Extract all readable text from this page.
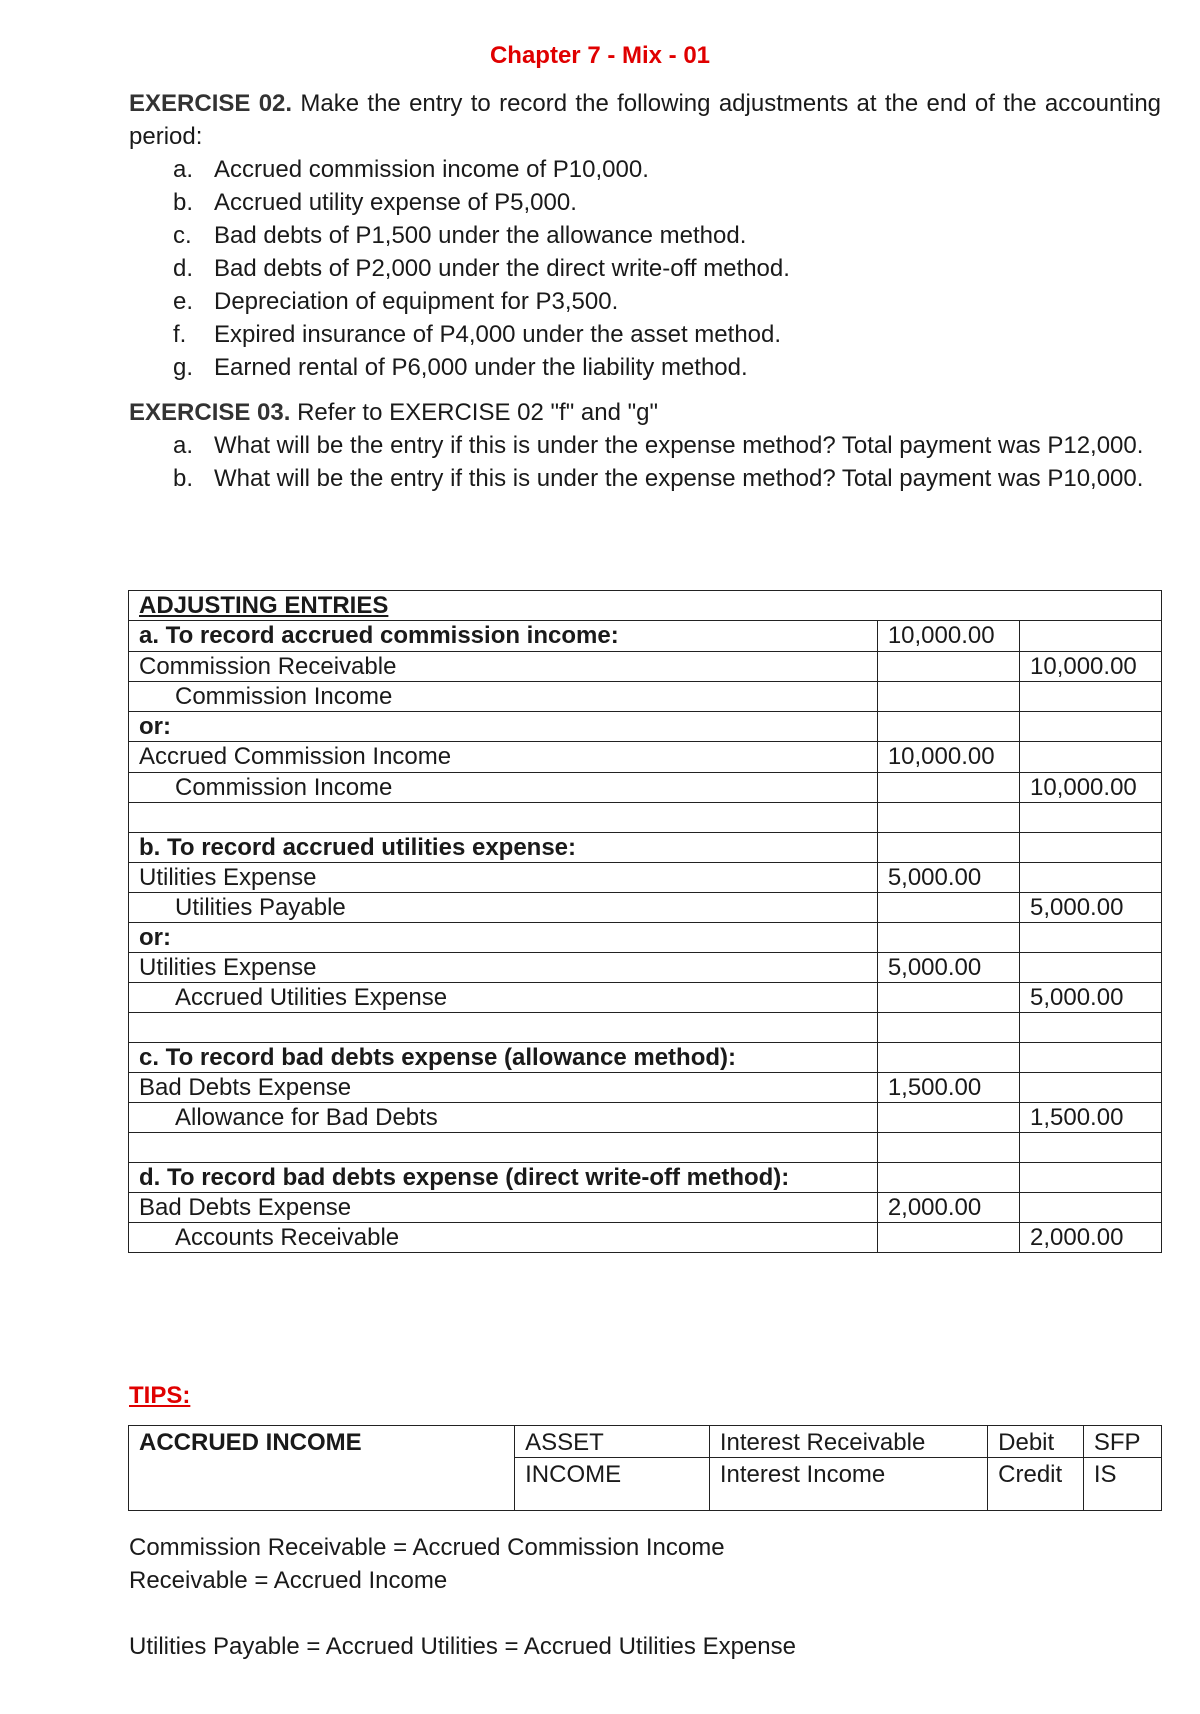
Chapter 7 - Mix - 01
EXERCISE 02. Make the entry to record the following adjustments at the end of the accounting period:
a. Accrued commission income of P10,000.
b. Accrued utility expense of P5,000.
c. Bad debts of P1,500 under the allowance method.
d. Bad debts of P2,000 under the direct write-off method.
e. Depreciation of equipment for P3,500.
f. Expired insurance of P4,000 under the asset method.
g. Earned rental of P6,000 under the liability method.
EXERCISE 03. Refer to EXERCISE 02 "f" and "g"
a. What will be the entry if this is under the expense method? Total payment was P12,000.
b. What will be the entry if this is under the expense method? Total payment was P10,000.
ADJUSTING ENTRIES		
a. To record accrued commission income:	10,000.00	

Commission Receivable		10,000.00
Commission Income		
or:		
Accrued Commission Income	10,000.00	

Commission Income		10,000.00

b. To record accrued utilities expense:		
Utilities Expense	5,000.00	
Utilities Payable		5,000.00
or:		
Utilities Expense	5,000.00	
Accrued Utilities Expense		5,000.00

c. To record bad debts expense (allowance method):		
Bad Debts Expense	1,500.00	
Allowance for Bad Debts		1,500.00

d. To record bad debts expense (direct write-off method):		
Bad Debts Expense	2,000.00	
Accounts Receivable		2,000.00
TIPS:
ACCRUED INCOME	ASSET	Interest Receivable	Debit	SFP
	INCOME	Interest Income	Credit	IS
Commission Receivable = Accrued Commission Income
Receivable = Accrued Income
Utilities Payable = Accrued Utilities = Accrued Utilities Expense
